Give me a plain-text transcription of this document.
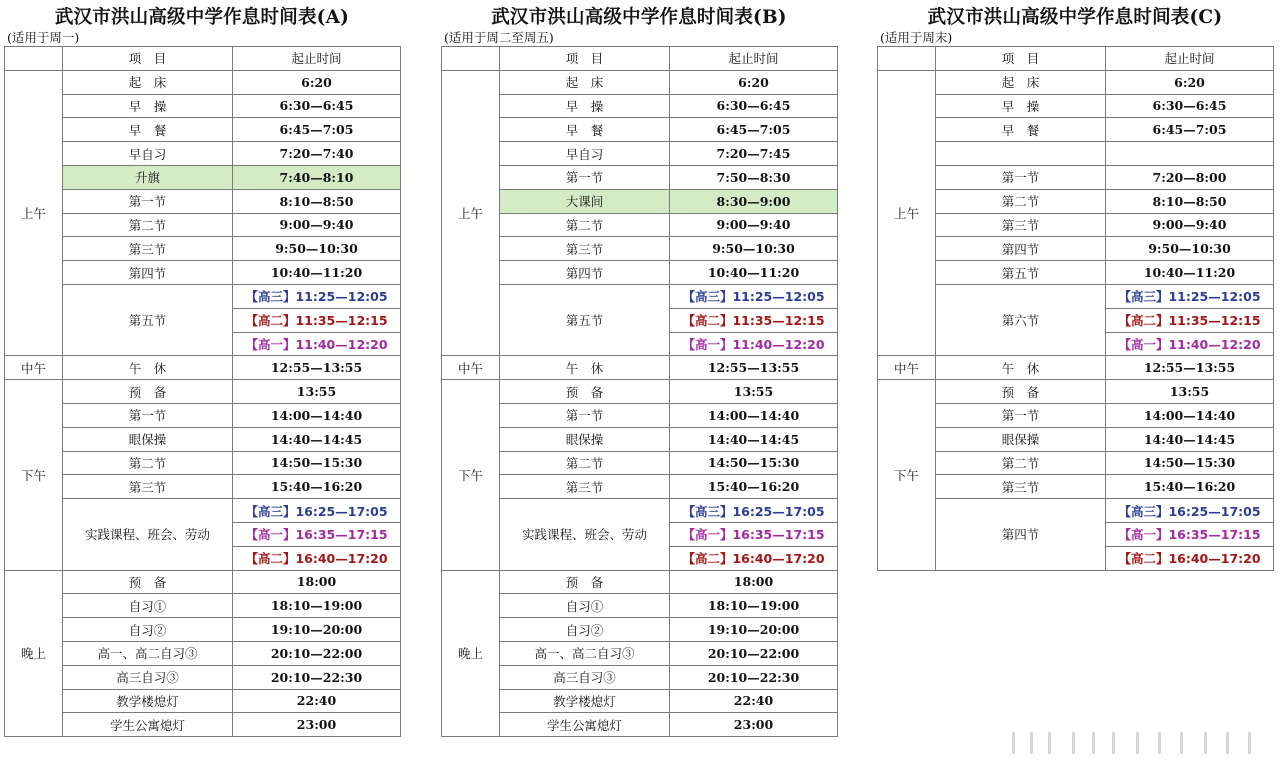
武汉市洪山高级中学作息时间表(A)
(适用于周一)
	项　目	起止时间
上午	起　床	6:20
	早　操	6:30—6:45
	早　餐	6:45—7:05
	早自习	7:20—7:40
	升旗	7:40—8:10
	第一节	8:10—8:50
	第二节	9:00—9:40
	第三节	9:50—10:30
	第四节	10:40—11:20
	第五节	【高三】11:25—12:05
		【高二】11:35—12:15
		【高一】11:40—12:20
中午	午　休	12:55—13:55
下午	预　备	13:55
	第一节	14:00—14:40
	眼保操	14:40—14:45
	第二节	14:50—15:30
	第三节	15:40—16:20
	实践课程、班会、劳动	【高三】16:25—17:05
		【高一】16:35—17:15
		【高二】16:40—17:20
晚上	预　备	18:00
	自习①	18:10—19:00
	自习②	19:10—20:00
	高一、高二自习③	20:10—22:00
	高三自习③	20:10—22:30
	教学楼熄灯	22:40
	学生公寓熄灯	23:00
武汉市洪山高级中学作息时间表(B)
(适用于周二至周五)
	项　目	起止时间
上午	起　床	6:20
	早　操	6:30—6:45
	早　餐	6:45—7:05
	早自习	7:20—7:45
	第一节	7:50—8:30
	大课间	8:30—9:00
	第二节	9:00—9:40
	第三节	9:50—10:30
	第四节	10:40—11:20
	第五节	【高三】11:25—12:05
		【高二】11:35—12:15
		【高一】11:40—12:20
中午	午　休	12:55—13:55
下午	预　备	13:55
	第一节	14:00—14:40
	眼保操	14:40—14:45
	第二节	14:50—15:30
	第三节	15:40—16:20
	实践课程、班会、劳动	【高三】16:25—17:05
		【高一】16:35—17:15
		【高二】16:40—17:20
晚上	预　备	18:00
	自习①	18:10—19:00
	自习②	19:10—20:00
	高一、高二自习③	20:10—22:00
	高三自习③	20:10—22:30
	教学楼熄灯	22:40
	学生公寓熄灯	23:00
武汉市洪山高级中学作息时间表(C)
(适用于周末)
	项　目	起止时间
上午	起　床	6:20
	早　操	6:30—6:45
	早　餐	6:45—7:05

	第一节	7:20—8:00
	第二节	8:10—8:50
	第三节	9:00—9:40
	第四节	9:50—10:30
	第五节	10:40—11:20
	第六节	【高三】11:25—12:05
		【高二】11:35—12:15
		【高一】11:40—12:20
中午	午　休	12:55—13:55
下午	预　备	13:55
	第一节	14:00—14:40
	眼保操	14:40—14:45
	第二节	14:50—15:30
	第三节	15:40—16:20
	第四节	【高三】16:25—17:05
		【高一】16:35—17:15
		【高二】16:40—17:20
